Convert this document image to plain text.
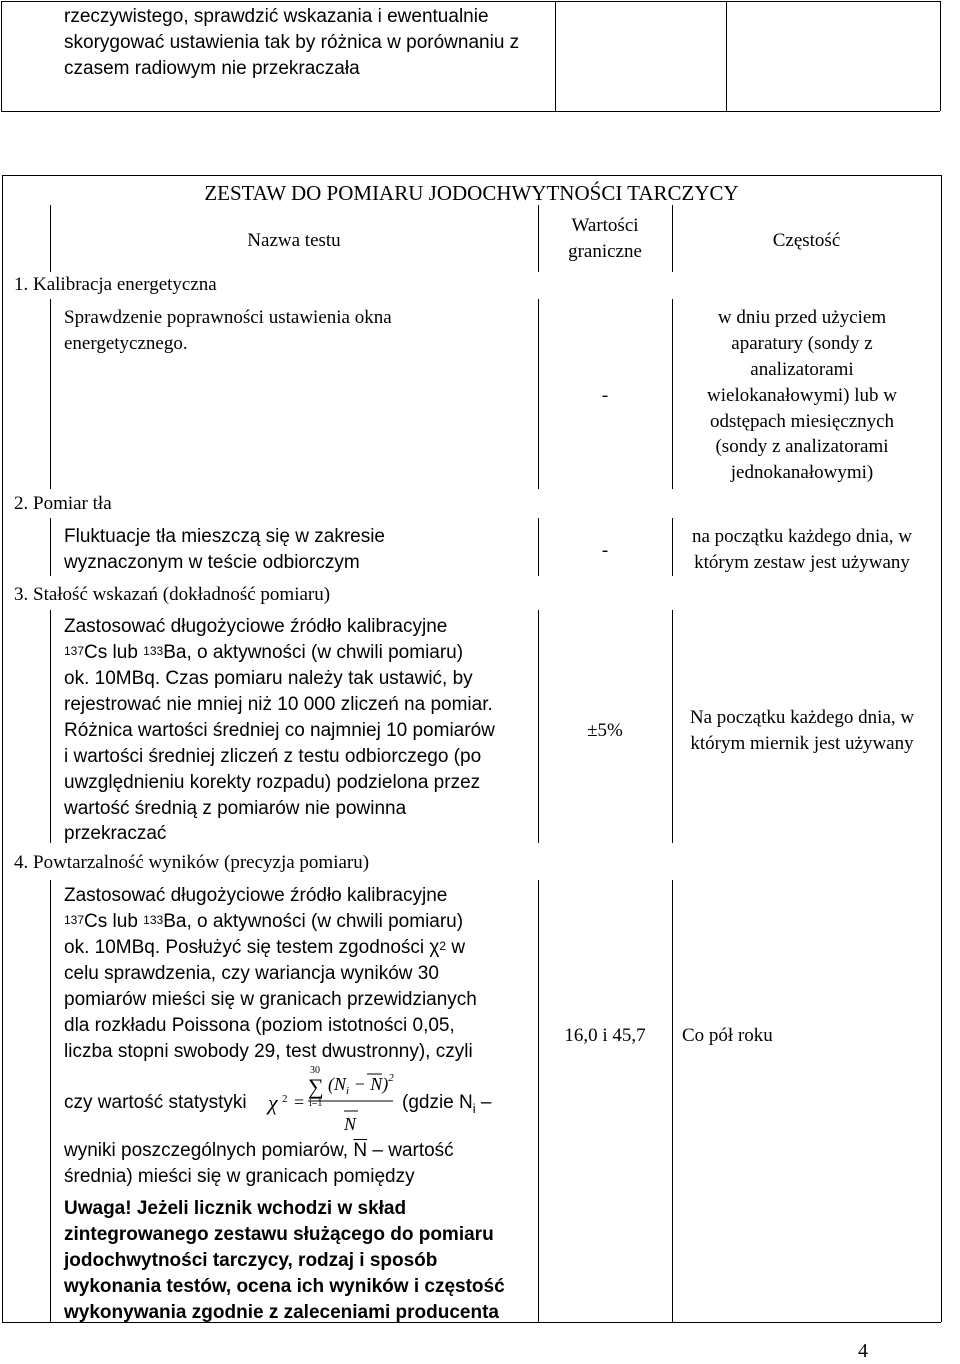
rzeczywistego, sprawdzić wskazania i ewentualnie
skorygować ustawienia tak by różnica w porównaniu z
czasem radiowym nie przekraczała
ZESTAW DO POMIARU JODOCHWYTNOŚCI TARCZYCY
Nazwa testu
Wartości
graniczne
Częstość
1. Kalibracja energetyczna
Sprawdzenie poprawności ustawienia okna
energetycznego.
-
w dniu przed użyciem
aparatury (sondy z
analizatorami
wielokanałowymi) lub w
odstępach miesięcznych
(sondy z analizatorami
jednokanałowymi)
2. Pomiar tła
Fluktuacje tła mieszczą się w zakresie
wyznaczonym w teście odbiorczym
-
na początku każdego dnia, w
którym zestaw jest używany
3. Stałość wskazań (dokładność pomiaru)
Zastosować długożyciowe źródło kalibracyjne
$^{137}$Cs lub $^{133}$Ba, o aktywności (w chwili pomiaru)
ok. 10MBq. Czas pomiaru należy tak ustawić, by
rejestrować nie mniej niż 10 000 zliczeń na pomiar.
Różnica wartości średniej co najmniej 10 pomiarów
i wartości średniej zliczeń z testu odbiorczego (po
uwzględnieniu korekty rozpadu) podzielona przez
wartość średnią z pomiarów nie powinna
przekraczać
±5%
Na początku każdego dnia, w
którym miernik jest używany
4. Powtarzalność wyników (precyzja pomiaru)
Zastosować długożyciowe źródło kalibracyjne
$^{137}$Cs lub $^{133}$Ba, o aktywności (w chwili pomiaru)
ok. 10MBq. Posłużyć się testem zgodności $\chi^2$ w
celu sprawdzenia, czy wariancja wyników 30
pomiarów mieści się w granicach przewidzianych
dla rozkładu Poissona (poziom istotności 0,05,
liczba stopni swobody 29, test dwustronny), czyli
czy wartość statystyki χ 2 =
30
∑
i=1
$(N_i - N)^2$
N
(gdzie $N_i$ –
wyniki poszczególnych pomiarów, $\overline{N}$ – wartość
średnia) mieści się w granicach pomiędzy
Uwaga! Jeżeli licznik wchodzi w skład
zintegrowanego zestawu służącego do pomiaru
jodochwytności tarczycy, rodzaj i sposób
wykonania testów, ocena ich wyników i częstość
wykonywania zgodnie z zaleceniami producenta
16,0 i 45,7	Co pół roku
4
